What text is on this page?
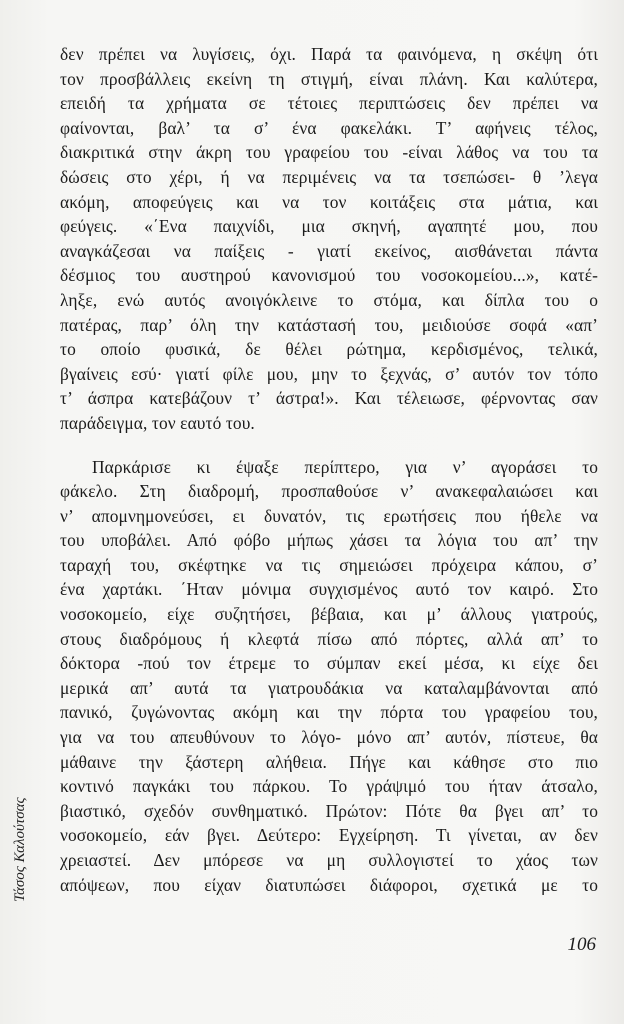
δεν πρέπει να λυγίσεις, όχι. Παρά τα φαινόμενα, η σκέψη ότι
τον προσβάλλεις εκείνη τη στιγμή, είναι πλάνη. Και καλύτερα,
επειδή τα χρήματα σε τέτοιες περιπτώσεις δεν πρέπει να
φαίνονται, βαλ’ τα σ’ ένα φακελάκι. Τ’ αφήνεις τέλος,
διακριτικά στην άκρη του γραφείου του -είναι λάθος να του τα
δώσεις στο χέρι, ή να περιμένεις να τα τσεπώσει- θ ’λεγα
ακόμη, αποφεύγεις και να τον κοιτάξεις στα μάτια, και
φεύγεις. «΄Ενα παιχνίδι, μια σκηνή, αγαπητέ μου, που
αναγκάζεσαι να παίξεις - γιατί εκείνος, αισθάνεται πάντα
δέσμιος του αυστηρού κανονισμού του νοσοκομείου...», κατέ-
ληξε, ενώ αυτός ανοιγόκλεινε το στόμα, και δίπλα του ο
πατέρας, παρ’ όλη την κατάστασή του, μειδιούσε σοφά «απ’
το οποίο φυσικά, δε θέλει ρώτημα, κερδισμένος, τελικά,
βγαίνεις εσύ· γιατί φίλε μου, μην το ξεχνάς, σ’ αυτόν τον τόπο
τ’ άσπρα κατεβάζουν τ’ άστρα!». Και τέλειωσε, φέρνοντας σαν
παράδειγμα, τον εαυτό του.
Παρκάρισε κι έψαξε περίπτερο, για ν’ αγοράσει το
φάκελο. Στη διαδρομή, προσπαθούσε ν’ ανακεφαλαιώσει και
ν’ απομνημονεύσει, ει δυνατόν, τις ερωτήσεις που ήθελε να
του υποβάλει. Από φόβο μήπως χάσει τα λόγια του απ’ την
ταραχή του, σκέφτηκε να τις σημειώσει πρόχειρα κάπου, σ’
ένα χαρτάκι. ΄Ηταν μόνιμα συγχισμένος αυτό τον καιρό. Στο
νοσοκομείο, είχε συζητήσει, βέβαια, και μ’ άλλους γιατρούς,
στους διαδρόμους ή κλεφτά πίσω από πόρτες, αλλά απ’ το
δόκτορα -πού τον έτρεμε το σύμπαν εκεί μέσα, κι είχε δει
μερικά απ’ αυτά τα γιατρουδάκια να καταλαμβάνονται από
πανικό, ζυγώνοντας ακόμη και την πόρτα του γραφείου του,
για να του απευθύνουν το λόγο- μόνο απ’ αυτόν, πίστευε, θα
μάθαινε την ξάστερη αλήθεια. Πήγε και κάθησε στο πιο
κοντινό παγκάκι του πάρκου. Το γράψιμό του ήταν άτσαλο,
βιαστικό, σχεδόν συνθηματικό. Πρώτον: Πότε θα βγει απ’ το
νοσοκομείο, εάν βγει. Δεύτερο: Εγχείρηση. Τι γίνεται, αν δεν
χρειαστεί. Δεν μπόρεσε να μη συλλογιστεί το χάος των
απόψεων, που είχαν διατυπώσει διάφοροι, σχετικά με το
Τάσος Καλούτσας
106
